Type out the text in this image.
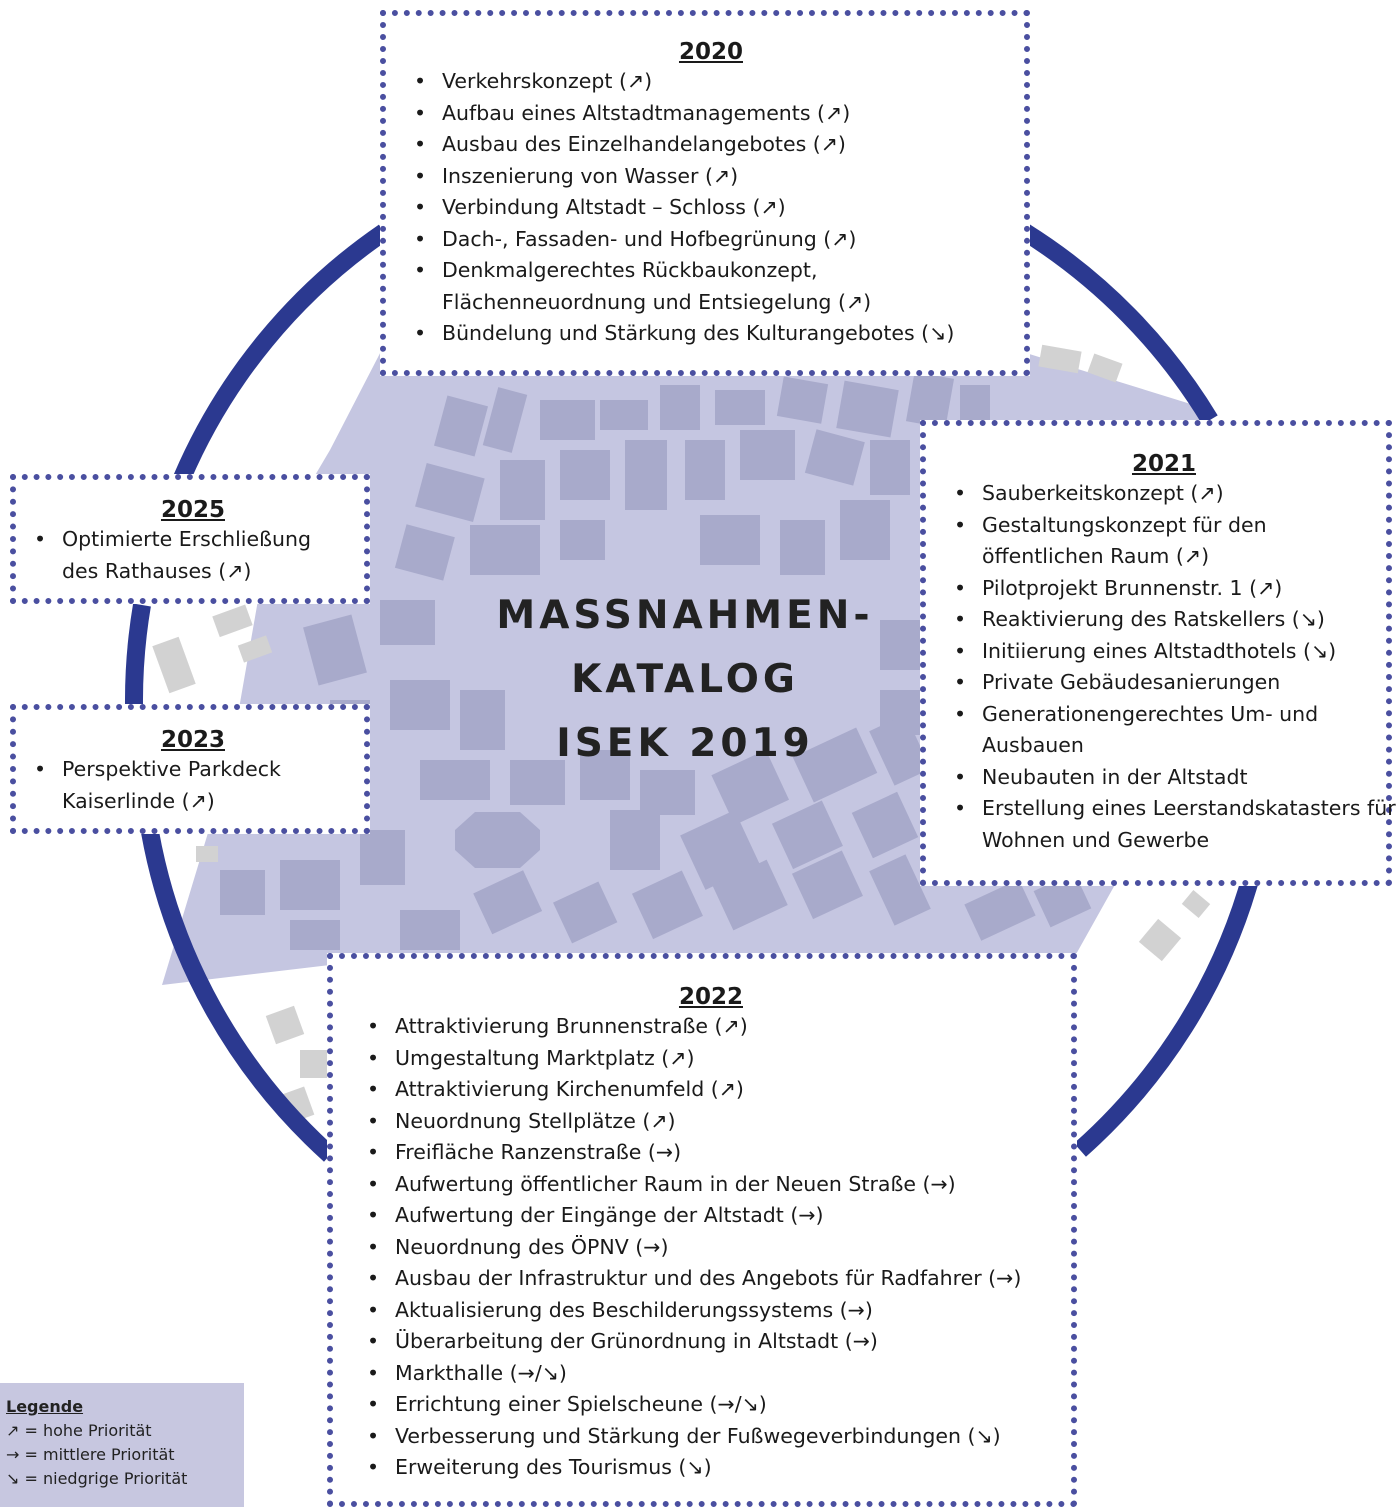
2020
• Verkehrskonzept (↗)
• Aufbau eines Altstadtmanagements (↗)
• Ausbau des Einzelhandelangebotes (↗)
• Inszenierung von Wasser (↗)
• Verbindung Altstadt – Schloss (↗)
• Dach-, Fassaden- und Hofbegrünung (↗)
• Denkmalgerechtes Rückbaukonzept, Flächenneuordnung und Entsiegelung (↗)
• Bündelung und Stärkung des Kulturangebotes (↘)
2021
• Sauberkeitskonzept (↗)
• Gestaltungskonzept für den öffentlichen Raum (↗)
• Pilotprojekt Brunnenstr. 1 (↗)
• Reaktivierung des Ratskellers (↘)
• Initiierung eines Altstadthotels (↘)
• Private Gebäudesanierungen
• Generationengerechtes Um- und Ausbauen
• Neubauten in der Altstadt
• Erstellung eines Leerstandskatasters für Wohnen und Gewerbe
2025
• Optimierte Erschließung des Rathauses (↗)
2023
• Perspektive Parkdeck Kaiserlinde (↗)
2022
• Attraktivierung Brunnenstraße (↗)
• Umgestaltung Marktplatz (↗)
• Attraktivierung Kirchenumfeld (↗)
• Neuordnung Stellplätze (↗)
• Freifläche Ranzenstraße (→)
• Aufwertung öffentlicher Raum in der Neuen Straße (→)
• Aufwertung der Eingänge der Altstadt (→)
• Neuordnung des ÖPNV (→)
• Ausbau der Infrastruktur und des Angebots für Radfahrer (→)
• Aktualisierung des Beschilderungssystems (→)
• Überarbeitung der Grünordnung in Altstadt (→)
• Markthalle (→/↘)
• Errichtung einer Spielscheune (→/↘)
• Verbesserung und Stärkung der Fußwegeverbindungen (↘)
• Erweiterung des Tourismus (↘)
MASSNAHMEN-
KATALOG
ISEK 2019
Legende
↗ = hohe Priorität
→ = mittlere Priorität
↘ = niedgrige Priorität
